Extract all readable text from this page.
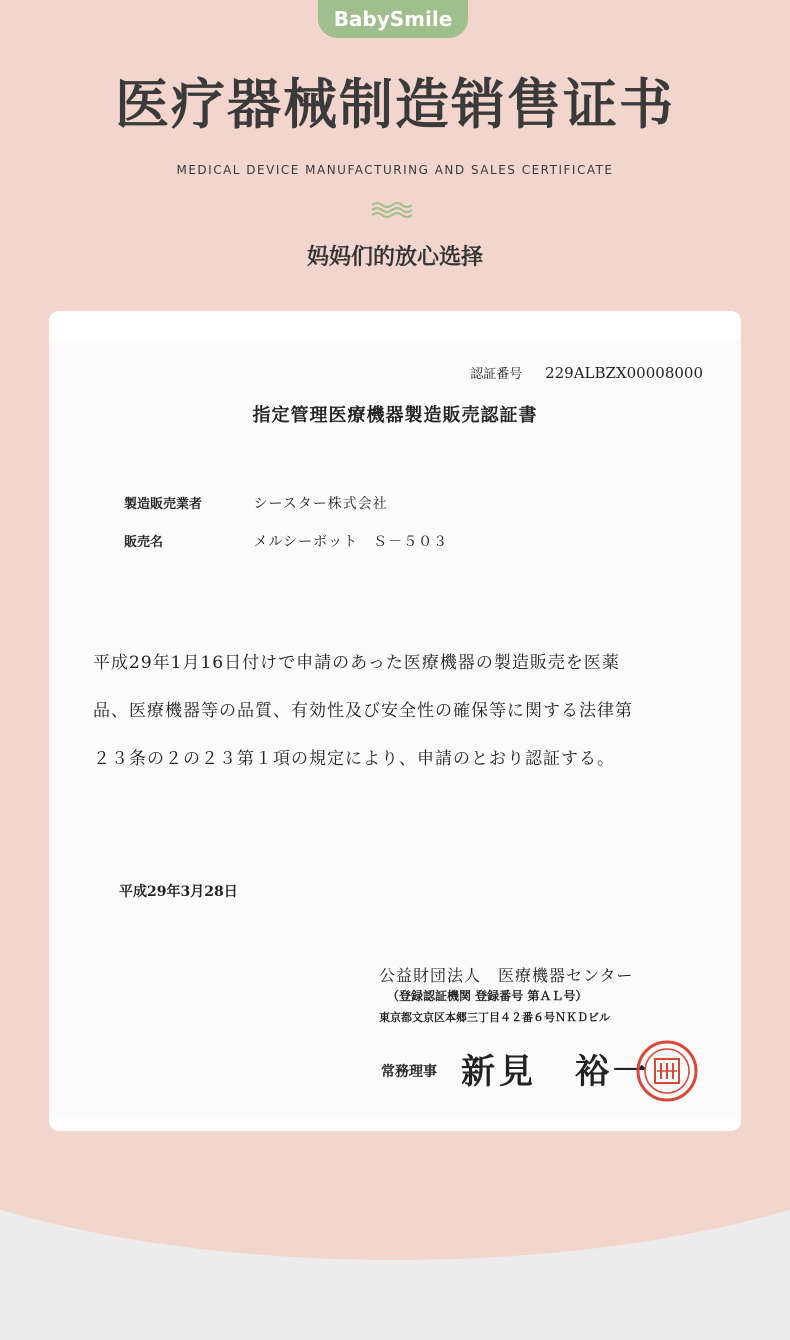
BabySmile
医疗器械制造销售证书
MEDICAL DEVICE MANUFACTURING AND SALES CERTIFICATE
妈妈们的放心选择
認証番号 229ALBZX00008000
指定管理医療機器製造販売認証書
製造販売業者	シースター株式会社
販売名	メルシーボット　Ｓ－５０３
平成29年1月16日付けで申請のあった医療機器の製造販売を医薬
品、医療機器等の品質、有効性及び安全性の確保等に関する法律第
２３条の２の２３第１項の規定により、申請のとおり認証する。
平成29年3月28日
公益財団法人　医療機器センター
（登録認証機関 登録番号 第ＡＬ号）
東京都文京区本郷三丁目４２番６号ＮＫＤビル
常務理事 新見　裕一
